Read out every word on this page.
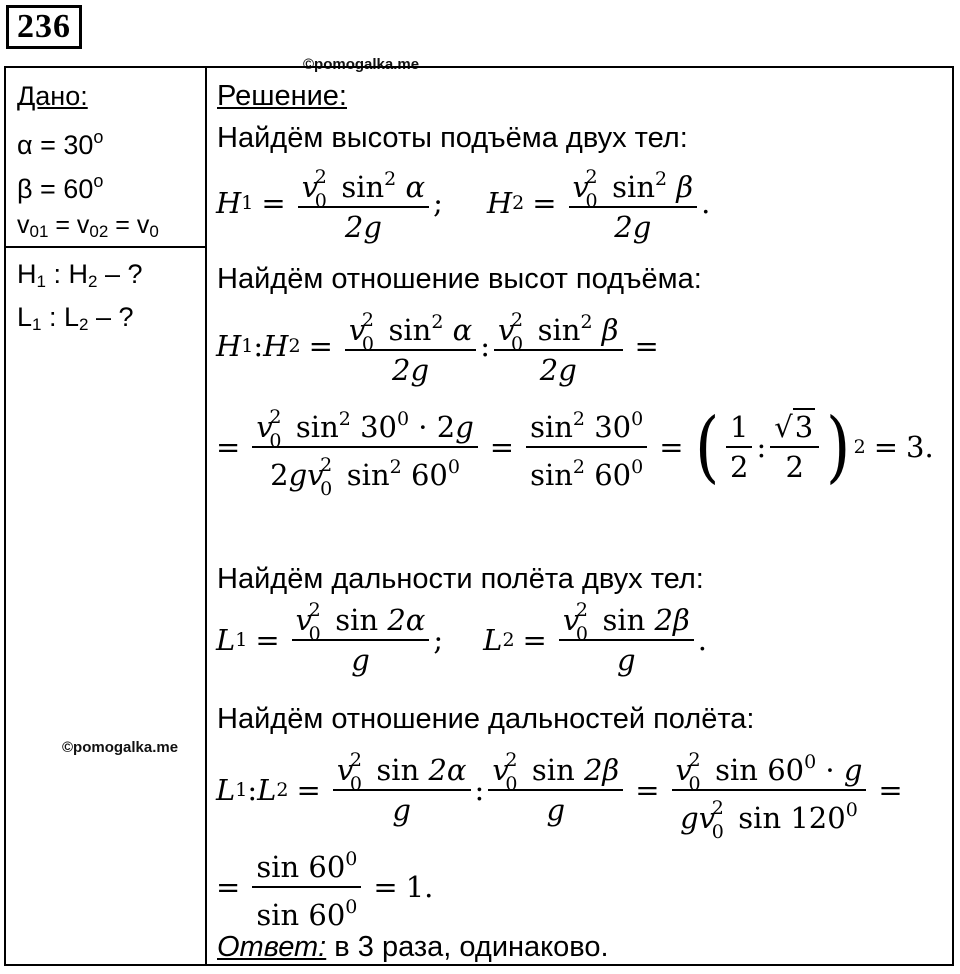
236
©pomogalka.me
©pomogalka.me
Дано:
$\alpha = 30^o$
$\beta = 60^o$
$v_{01} = v_{02} = v_0$
$H_1$ : $H_2$ – ?
$L_1$ : $L_2$ – ?
Решение:
Найдём высоты подъёма двух тел:
H 1 = v
2
0 $\sin^2 \alpha$
2g ; H 2 = v
2
0 $\sin^2 \beta$
2g .
Найдём отношение высот подъёма:
H 1 : H 2 = v
2
0 $\sin^2 \alpha$
2g : v
2
0 $\sin^2 \beta$
2g =
= v
2
0 $\sin^2 30^0 \cdot 2g$
2gv
2
0 $\sin^2 60^0 = \frac{\sin^2 30^0}{\sin^2 60^0}$ = ( $\frac{1}{2}$ : $\frac{√3}{2}$ ) 2 = 3.
Найдём дальности полёта двух тел:
L 1 = v
2
0 sin 2α
g ; L 2 = v
2
0 sin 2β
g .
Найдём отношение дальностей полёта:
L 1 : L 2 = v
2
0 sin 2α
g : v
2
0 sin 2β
g = v
2
0 $\sin 60^0 \cdot g$
gv
2
0 $\sin 120^0$ =
= $\frac{\sin 60^0}{\sin 60^0} = 1$.
Ответ: в 3 раза, одинаково.
